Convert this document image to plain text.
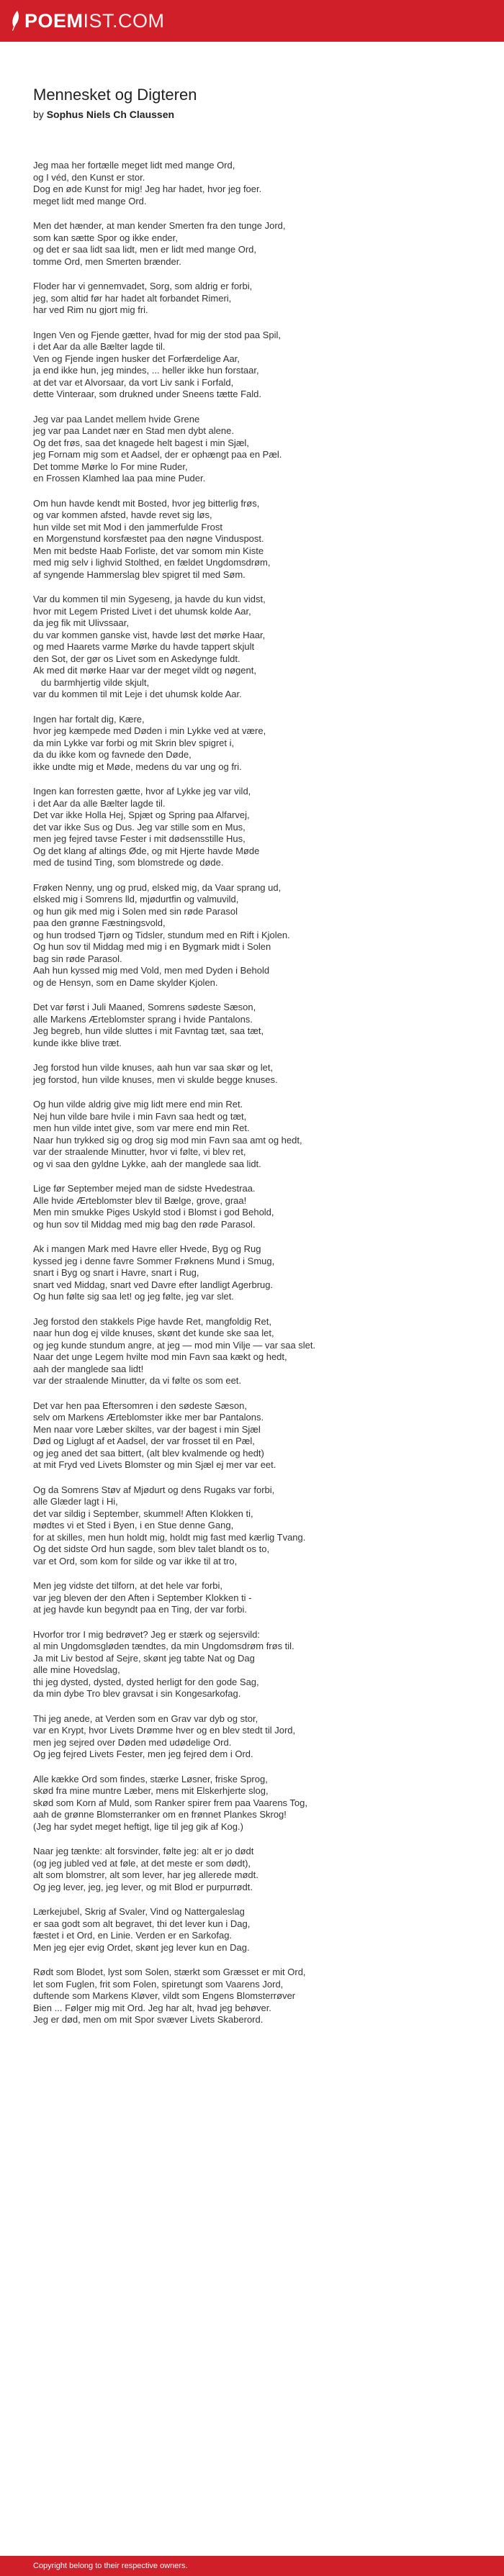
POEMIST.COM
Mennesket og Digteren
by Sophus Niels Ch Claussen
Jeg maa her fortælle meget lidt med mange Ord,
og I véd, den Kunst er stor.
Dog en øde Kunst for mig! Jeg har hadet, hvor jeg foer.
meget lidt med mange Ord.
Men det hænder, at man kender Smerten fra den tunge Jord,
som kan sætte Spor og ikke ender,
og det er saa lidt saa lidt, men er lidt med mange Ord,
tomme Ord, men Smerten brænder.
Floder har vi gennemvadet, Sorg, som aldrig er forbi,
jeg, som altid før har hadet alt forbandet Rimeri,
har ved Rim nu gjort mig fri.
Ingen Ven og Fjende gætter, hvad for mig der stod paa Spil,
i det Aar da alle Bælter lagde til.
Ven og Fjende ingen husker det Forfærdelige Aar,
ja end ikke hun, jeg mindes, ... heller ikke hun forstaar,
at det var et Alvorsaar, da vort Liv sank i Forfald,
dette Vinteraar, som drukned under Sneens tætte Fald.
Jeg var paa Landet mellem hvide Grene
jeg var paa Landet nær en Stad men dybt alene.
Og det frøs, saa det knagede helt bagest i min Sjæl,
jeg Fornam mig som et Aadsel, der er ophængt paa en Pæl.
Det tomme Mørke lo For mine Ruder,
en Frossen Klamhed laa paa mine Puder.
Om hun havde kendt mit Bosted, hvor jeg bitterlig frøs,
og var kommen afsted, havde revet sig løs,
hun vilde set mit Mod i den jammerfulde Frost
en Morgenstund korsfæstet paa den nøgne Vinduspost.
Men mit bedste Haab Forliste, det var somom min Kiste
med mig selv i lighvid Stolthed, en fældet Ungdomsdrøm,
af syngende Hammerslag blev spigret til med Søm.
Var du kommen til min Sygeseng, ja havde du kun vidst,
hvor mit Legem Pristed Livet i det uhumsk kolde Aar,
da jeg fik mit Ulivssaar,
du var kommen ganske vist, havde løst det mørke Haar,
og med Haarets varme Mørke du havde tappert skjult
den Sot, der gør os Livet som en Askedynge fuldt.
Ak med dit mørke Haar var der meget vildt og nøgent,
du barmhjertig vilde skjult,
var du kommen til mit Leje i det uhumsk kolde Aar.
Ingen har fortalt dig, Kære,
hvor jeg kæmpede med Døden i min Lykke ved at være,
da min Lykke var forbi og mit Skrin blev spigret i,
da du ikke kom og favnede den Døde,
ikke undte mig et Møde, medens du var ung og fri.
Ingen kan forresten gætte, hvor af Lykke jeg var vild,
i det Aar da alle Bælter lagde til.
Det var ikke Holla Hej, Spjæt og Spring paa Alfarvej,
det var ikke Sus og Dus. Jeg var stille som en Mus,
men jeg fejred tavse Fester i mit dødsensstille Hus,
Og det klang af altings Øde, og mit Hjerte havde Møde
med de tusind Ting, som blomstrede og døde.
Frøken Nenny, ung og prud, elsked mig, da Vaar sprang ud,
elsked mig i Somrens lld, mjødurtfin og valmuvild,
og hun gik med mig i Solen med sin røde Parasol
paa den grønne Fæstningsvold,
og hun trodsed Tjørn og Tidsler, stundum med en Rift i Kjolen.
Og hun sov til Middag med mig i en Bygmark midt i Solen
bag sin røde Parasol.
Aah hun kyssed mig med Vold, men med Dyden i Behold
og de Hensyn, som en Dame skylder Kjolen.
Det var først i Juli Maaned, Somrens sødeste Sæson,
alle Markens Ærteblomster sprang i hvide Pantalons.
Jeg begreb, hun vilde sluttes i mit Favntag tæt, saa tæt,
kunde ikke blive træt.
Jeg forstod hun vilde knuses, aah hun var saa skør og let,
jeg forstod, hun vilde knuses, men vi skulde begge knuses.
Og hun vilde aldrig give mig lidt mere end min Ret.
Nej hun vilde bare hvile i min Favn saa hedt og tæt,
men hun vilde intet give, som var mere end min Ret.
Naar hun trykked sig og drog sig mod min Favn saa amt og hedt,
var der straalende Minutter, hvor vi følte, vi blev ret,
og vi saa den gyldne Lykke, aah der manglede saa lidt.
Lige før September mejed man de sidste Hvedestraa.
Alle hvide Ærteblomster blev til Bælge, grove, graa!
Men min smukke Piges Uskyld stod i Blomst i god Behold,
og hun sov til Middag med mig bag den røde Parasol.
Ak i mangen Mark med Havre eller Hvede, Byg og Rug
kyssed jeg i denne favre Sommer Frøknens Mund i Smug,
snart i Byg og snart i Havre, snart i Rug,
snart ved Middag, snart ved Davre efter landligt Agerbrug.
Og hun følte sig saa let! og jeg følte, jeg var slet.
Jeg forstod den stakkels Pige havde Ret, mangfoldig Ret,
naar hun dog ej vilde knuses, skønt det kunde ske saa let,
og jeg kunde stundum angre, at jeg — mod min Vilje — var saa slet.
Naar det unge Legem hvilte mod min Favn saa kækt og hedt,
aah der manglede saa lidt!
var der straalende Minutter, da vi følte os som eet.
Det var hen paa Eftersomren i den sødeste Sæson,
selv om Markens Ærteblomster ikke mer bar Pantalons.
Men naar vore Læber skiltes, var der bagest i min Sjæl
Død og Liglugt af et Aadsel, der var frosset til en Pæl,
og jeg aned det saa bittert, (alt blev kvalmende og hedt)
at mit Fryd ved Livets Blomster og min Sjæl ej mer var eet.
Og da Somrens Støv af Mjødurt og dens Rugaks var forbi,
alle Glæder lagt i Hi,
det var sildig i September, skummel! Aften Klokken ti,
mødtes vi et Sted i Byen, i en Stue denne Gang,
for at skilles, men hun holdt mig, holdt mig fast med kærlig Tvang.
Og det sidste Ord hun sagde, som blev talet blandt os to,
var et Ord, som kom for silde og var ikke til at tro,
Men jeg vidste det tilforn, at det hele var forbi,
var jeg bleven der den Aften i September Klokken ti -
at jeg havde kun begyndt paa en Ting, der var forbi.
Hvorfor tror I mig bedrøvet? Jeg er stærk og sejersvild:
al min Ungdomsgløden tændtes, da min Ungdomsdrøm frøs til.
Ja mit Liv bestod af Sejre, skønt jeg tabte Nat og Dag
alle mine Hovedslag,
thi jeg dysted, dysted, dysted herligt for den gode Sag,
da min dybe Tro blev gravsat i sin Kongesarkofag.
Thi jeg anede, at Verden som en Grav var dyb og stor,
var en Krypt, hvor Livets Drømme hver og en blev stedt til Jord,
men jeg sejred over Døden med udødelige Ord.
Og jeg fejred Livets Fester, men jeg fejred dem i Ord.
Alle kække Ord som findes, stærke Løsner, friske Sprog,
skød fra mine muntre Læber, mens mit Elskerhjerte slog,
skød som Korn af Muld, som Ranker spirer frem paa Vaarens Tog,
aah de grønne Blomsterranker om en frønnet Plankes Skrog!
(Jeg har sydet meget heftigt, lige til jeg gik af Kog.)
Naar jeg tænkte: alt forsvinder, følte jeg: alt er jo dødt
(og jeg jubled ved at føle, at det meste er som dødt),
alt som blomstrer, alt som lever, har jeg allerede mødt.
Og jeg lever, jeg, jeg lever, og mit Blod er purpurrødt.
Lærkejubel, Skrig af Svaler, Vind og Nattergaleslag
er saa godt som alt begravet, thi det lever kun i Dag,
fæstet i et Ord, en Linie. Verden er en Sarkofag.
Men jeg ejer evig Ordet, skønt jeg lever kun en Dag.
Rødt som Blodet, lyst som Solen, stærkt som Græsset er mit Ord,
let som Fuglen, frit som Folen, spiretungt som Vaarens Jord,
duftende som Markens Kløver, vildt som Engens Blomsterrøver
Bien ... Følger mig mit Ord. Jeg har alt, hvad jeg behøver.
Jeg er død, men om mit Spor svæver Livets Skaberord.
Copyright belong to their respective owners.
